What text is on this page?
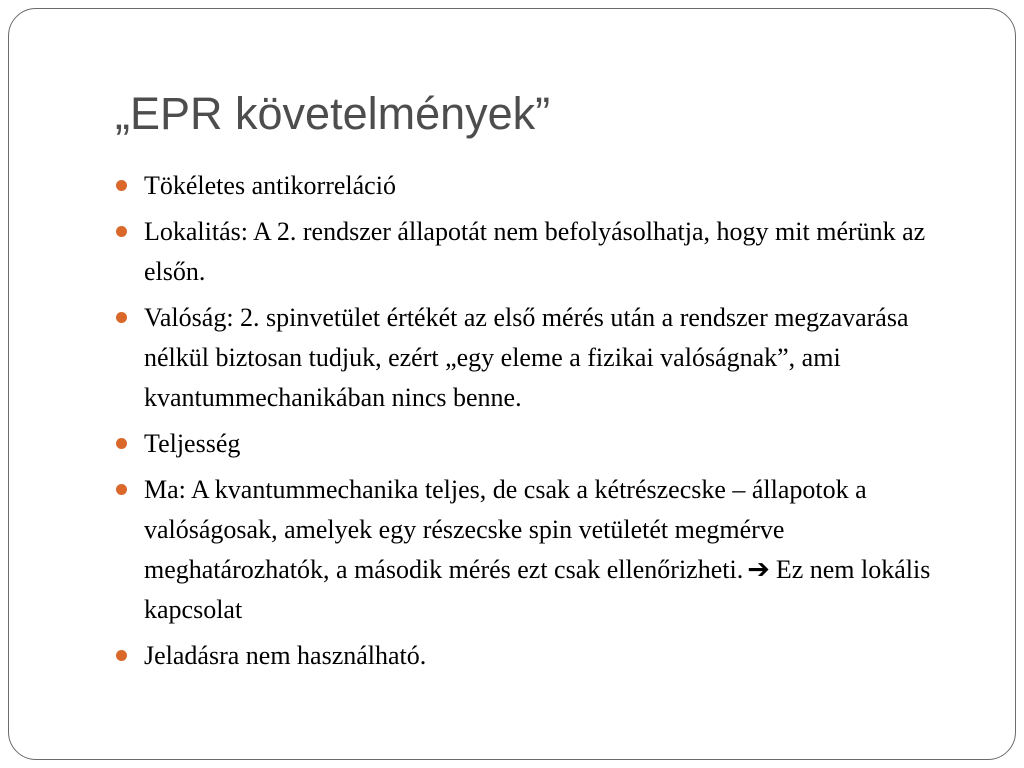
„EPR követelmények”
Tökéletes antikorreláció
Lokalitás: A 2. rendszer állapotát nem befolyásolhatja, hogy mit mérünk az elsőn.
Valóság: 2. spinvetület értékét az első mérés után a rendszer megzavarása nélkül biztosan tudjuk, ezért „egy eleme a fizikai valóságnak”, ami kvantummechanikában nincs benne.
Teljesség
Ma: A kvantummechanika teljes, de csak a kétrészecske – állapotok a valóságosak, amelyek egy részecske spin vetületét megmérve meghatározhatók, a második mérés ezt csak ellenőrizheti. ➔ Ez nem lokális kapcsolat
Jeladásra nem használható.
